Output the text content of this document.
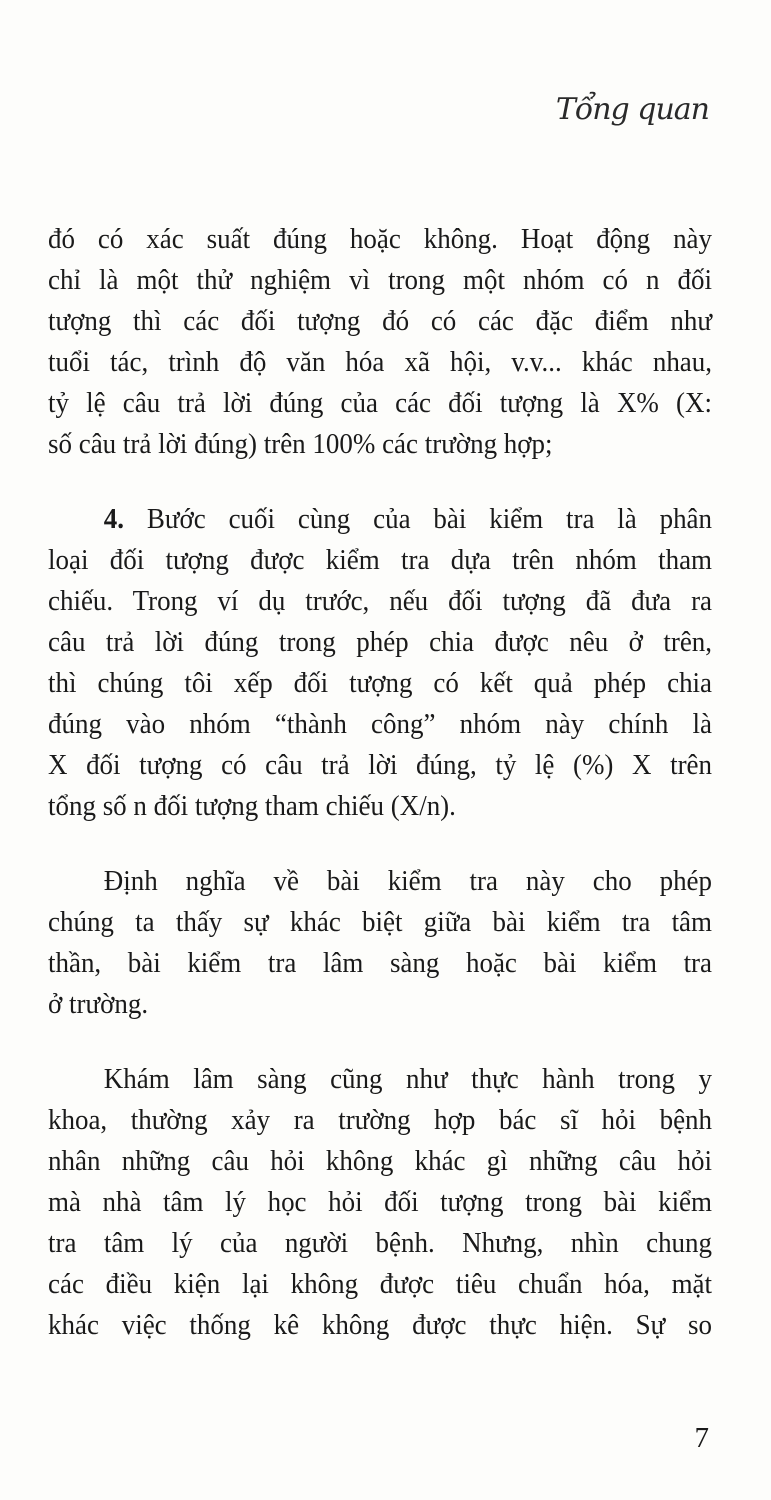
Tổng quan
đó có xác suất đúng hoặc không. Hoạt động này
chỉ là một thử nghiệm vì trong một nhóm có n đối
tượng thì các đối tượng đó có các đặc điểm như
tuổi tác, trình độ văn hóa xã hội, v.v... khác nhau,
tỷ lệ câu trả lời đúng của các đối tượng là X% (X:
số câu trả lời đúng) trên 100% các trường hợp;
4. Bước cuối cùng của bài kiểm tra là phân
loại đối tượng được kiểm tra dựa trên nhóm tham
chiếu. Trong ví dụ trước, nếu đối tượng đã đưa ra
câu trả lời đúng trong phép chia được nêu ở trên,
thì chúng tôi xếp đối tượng có kết quả phép chia
đúng vào nhóm “thành công” nhóm này chính là
X đối tượng có câu trả lời đúng, tỷ lệ (%) X trên
tổng số n đối tượng tham chiếu (X/n).
Định nghĩa về bài kiểm tra này cho phép
chúng ta thấy sự khác biệt giữa bài kiểm tra tâm
thần, bài kiểm tra lâm sàng hoặc bài kiểm tra
ở trường.
Khám lâm sàng cũng như thực hành trong y
khoa, thường xảy ra trường hợp bác sĩ hỏi bệnh
nhân những câu hỏi không khác gì những câu hỏi
mà nhà tâm lý học hỏi đối tượng trong bài kiểm
tra tâm lý của người bệnh. Nhưng, nhìn chung
các điều kiện lại không được tiêu chuẩn hóa, mặt
khác việc thống kê không được thực hiện. Sự so
7
